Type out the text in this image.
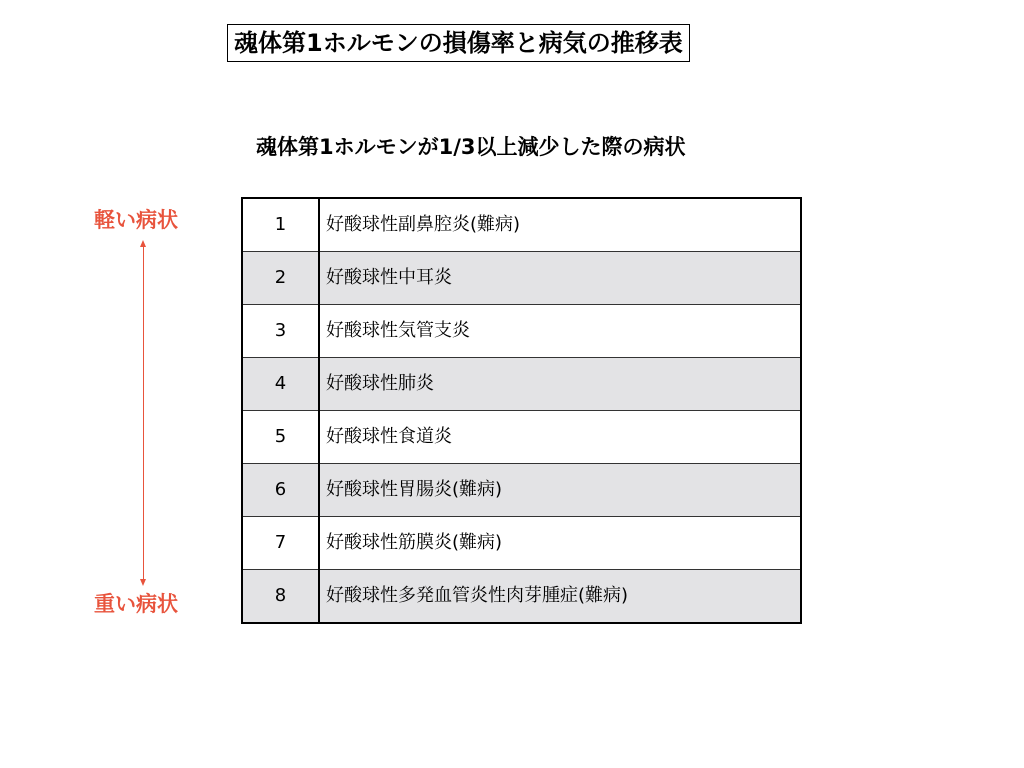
魂体第1ホルモンの損傷率と病気の推移表
魂体第1ホルモンが1/3以上減少した際の病状
軽い病状
重い病状
1	好酸球性副鼻腔炎(難病)
2	好酸球性中耳炎
3	好酸球性気管支炎
4	好酸球性肺炎
5	好酸球性食道炎
6	好酸球性胃腸炎(難病)
7	好酸球性筋膜炎(難病)
8	好酸球性多発血管炎性肉芽腫症(難病)
